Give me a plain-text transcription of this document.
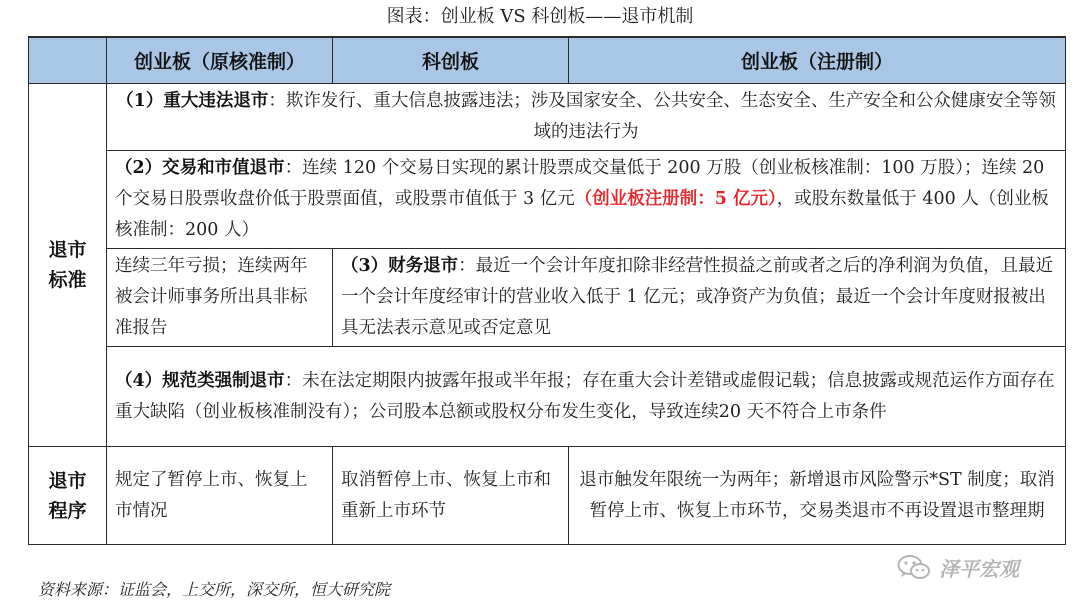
图表：创业板 VS 科创板——退市机制
	创业板（原核准制）	科创板	创业板（注册制）

退市
标准	（1）重大违法退市：欺诈发行、重大信息披露违法；涉及国家安全、公共安全、生态安全、生产安全和公众健康安全等领域的违法行为		
	（2）交易和市值退市：连续 120 个交易日实现的累计股票成交量低于 200 万股（创业板核准制：100 万股）；连续 20 个交易日股票收盘价低于股票面值，或股票市值低于 3 亿元（创业板注册制：5 亿元），或股东数量低于 400 人（创业板核准制：200 人）		
	连续三年亏损；连续两年被会计师事务所出具非标准报告	（3）财务退市：最近一个会计年度扣除非经营性损益之前或者之后的净利润为负值，且最近一个会计年度经审计的营业收入低于 1 亿元；或净资产为负值；最近一个会计年度财报被出具无法表示意见或否定意见	
	（4）规范类强制退市：未在法定期限内披露年报或半年报；存在重大会计差错或虚假记载；信息披露或规范运作方面存在重大缺陷（创业板核准制没有）；公司股本总额或股权分布发生变化，导致连续20 天不符合上市条件		

退市
程序	规定了暂停上市、恢复上市情况	取消暂停上市、恢复上市和重新上市环节	退市触发年限统一为两年；新增退市风险警示*ST 制度；取消暂停上市、恢复上市环节，交易类退市不再设置退市整理期
资料来源：证监会，上交所，深交所，恒大研究院
泽平宏观
